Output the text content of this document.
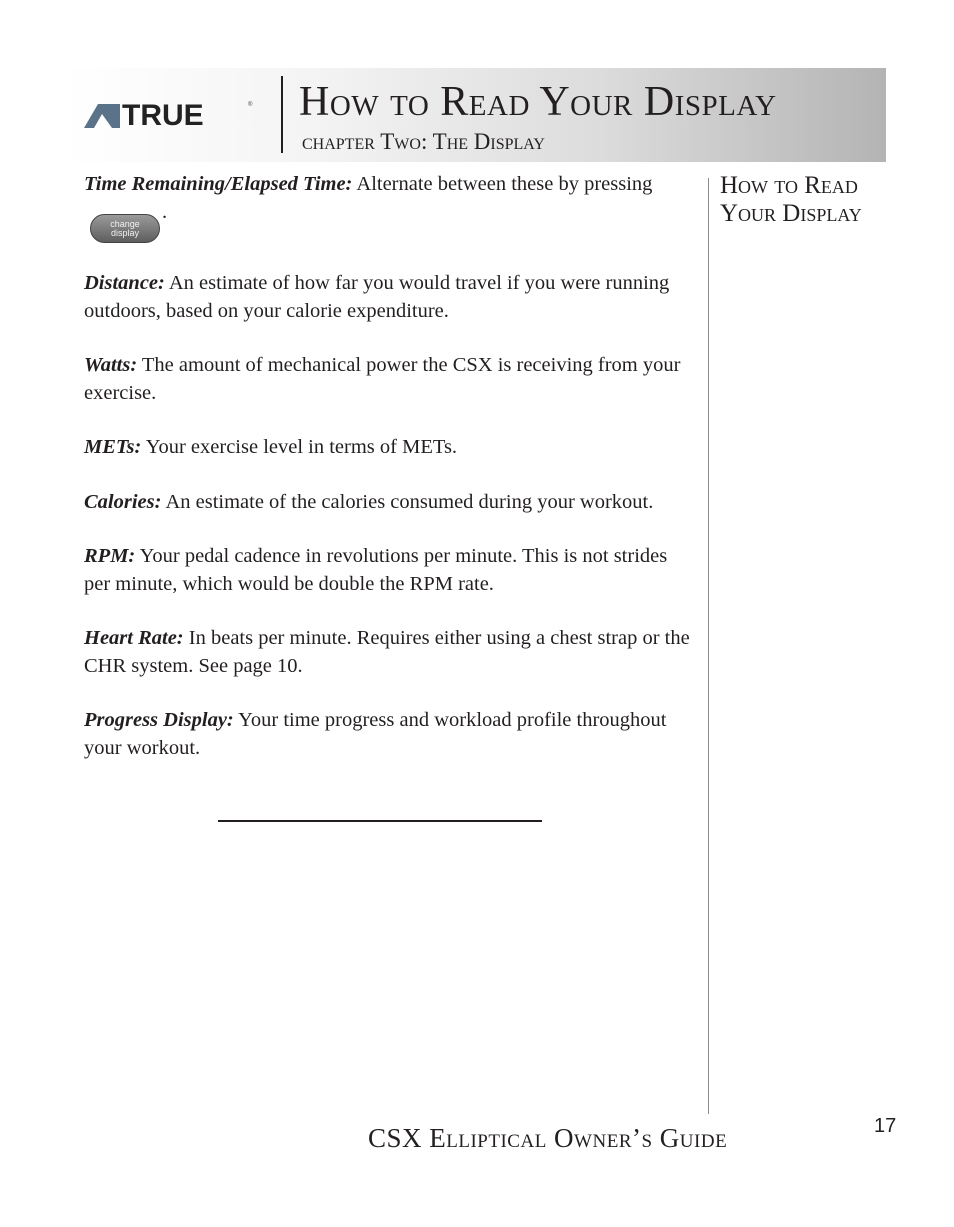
TRUE	® How to Read Your Display
chapter Two: The Display

Time Remaining/Elapsed Time: Alternate between these by pressing
change
display
.

Distance: An estimate of how far you would travel if you were running outdoors, based on your calorie expenditure.

Watts: The amount of mechanical power the CSX is receiving from your exercise.

METs: Your exercise level in terms of METs.

Calories: An estimate of the calories consumed during your workout.

RPM: Your pedal cadence in revolutions per minute. This is not strides per minute, which would be double the RPM rate.

Heart Rate: In beats per minute. Requires either using a chest strap or the CHR system. See page 10.

Progress Display: Your time progress and workload profile throughout your workout.

How to Read Your Display
CSX Elliptical Owner’s Guide	17
